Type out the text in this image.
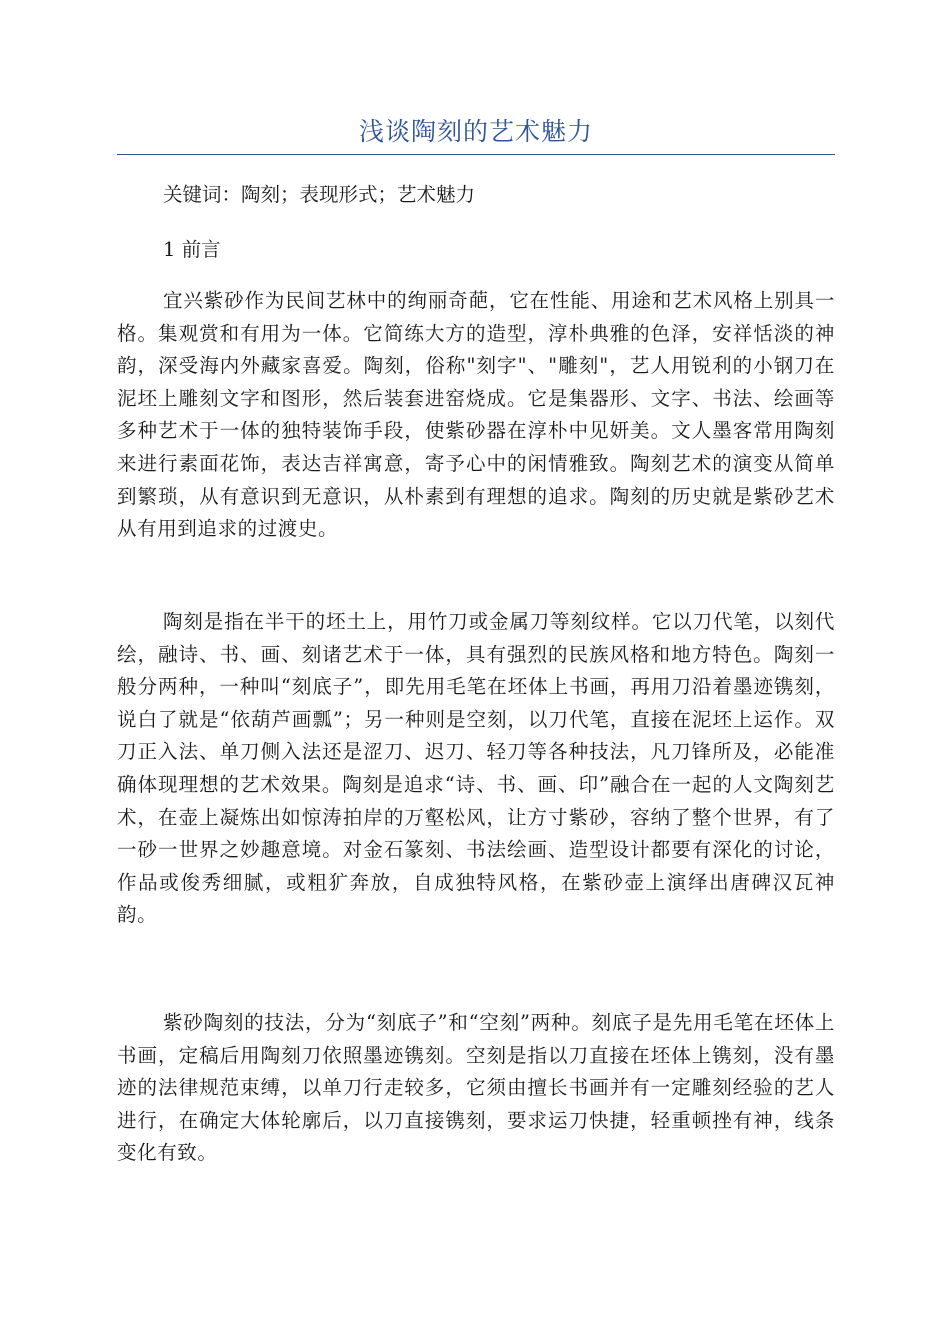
浅谈陶刻的艺术魅力
关键词：陶刻；表现形式；艺术魅力
1 前言
宜兴紫砂作为民间艺林中的绚丽奇葩，它在性能、用途和艺术风格上别具一格。集观赏和有用为一体。它简练大方的造型，淳朴典雅的色泽，安祥恬淡的神韵，深受海内外藏家喜爱。陶刻，俗称"刻字"、"雕刻"，艺人用锐利的小钢刀在泥坯上雕刻文字和图形，然后装套进窑烧成。它是集器形、文字、书法、绘画等多种艺术于一体的独特装饰手段，使紫砂器在淳朴中见妍美。文人墨客常用陶刻来进行素面花饰，表达吉祥寓意，寄予心中的闲情雅致。陶刻艺术的演变从简单到繁琐，从有意识到无意识，从朴素到有理想的追求。陶刻的历史就是紫砂艺术从有用到追求的过渡史。
陶刻是指在半干的坯土上，用竹刀或金属刀等刻纹样。它以刀代笔，以刻代绘，融诗、书、画、刻诸艺术于一体，具有强烈的民族风格和地方特色。陶刻一般分两种，一种叫“刻底子”，即先用毛笔在坯体上书画，再用刀沿着墨迹镌刻，说白了就是“依葫芦画瓢”；另一种则是空刻，以刀代笔，直接在泥坯上运作。双刀正入法、单刀侧入法还是涩刀、迟刀、轻刀等各种技法，凡刀锋所及，必能准确体现理想的艺术效果。陶刻是追求“诗、书、画、印”融合在一起的人文陶刻艺术，在壶上凝炼出如惊涛拍岸的万壑松风，让方寸紫砂，容纳了整个世界，有了一砂一世界之妙趣意境。对金石篆刻、书法绘画、造型设计都要有深化的讨论，作品或俊秀细腻，或粗犷奔放，自成独特风格，在紫砂壶上演绎出唐碑汉瓦神韵。
紫砂陶刻的技法，分为“刻底子”和“空刻”两种。刻底子是先用毛笔在坯体上书画，定稿后用陶刻刀依照墨迹镌刻。空刻是指以刀直接在坯体上镌刻，没有墨迹的法律规范束缚，以单刀行走较多，它须由擅长书画并有一定雕刻经验的艺人进行，在确定大体轮廓后，以刀直接镌刻，要求运刀快捷，轻重顿挫有神，线条变化有致。
